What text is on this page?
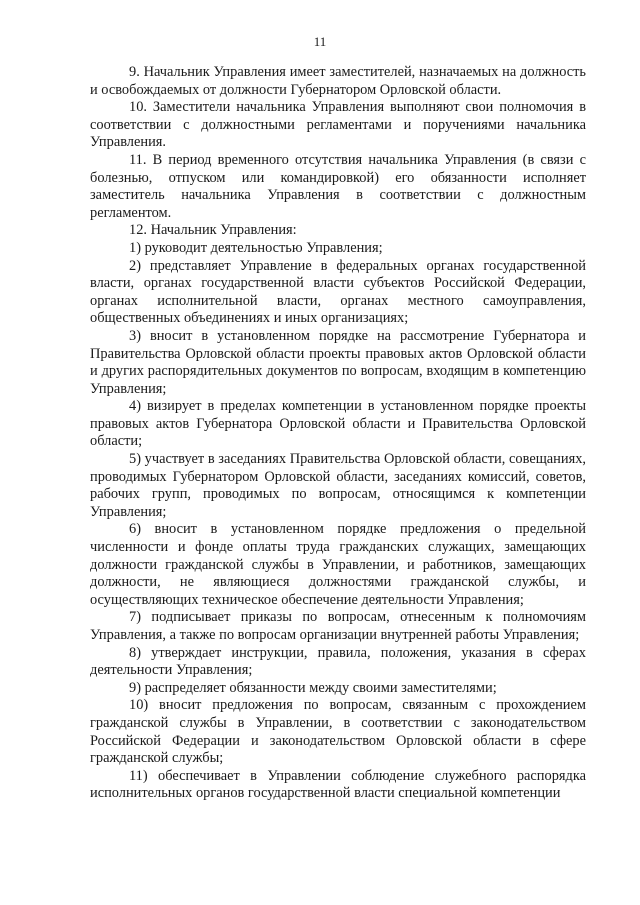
11

9. Начальник Управления имеет заместителей, назначаемых на должность и освобождаемых от должности Губернатором Орловской области.

10. Заместители начальника Управления выполняют свои полномочия в соответствии с должностными регламентами и поручениями начальника Управления.

11. В период временного отсутствия начальника Управления (в связи с болезнью, отпуском или командировкой) его обязанности исполняет заместитель начальника Управления в соответствии с должностным регламентом.

12. Начальник Управления:

1) руководит деятельностью Управления;

2) представляет Управление в федеральных органах государственной власти, органах государственной власти субъектов Российской Федерации, органах исполнительной власти, органах местного самоуправления, общественных объединениях и иных организациях;

3) вносит в установленном порядке на рассмотрение Губернатора и Правительства Орловской области проекты правовых актов Орловской области и других распорядительных документов по вопросам, входящим в компетенцию Управления;

4) визирует в пределах компетенции в установленном порядке проекты правовых актов Губернатора Орловской области и Правительства Орловской области;

5) участвует в заседаниях Правительства Орловской области, совещаниях, проводимых Губернатором Орловской области, заседаниях комиссий, советов, рабочих групп, проводимых по вопросам, относящимся к компетенции Управления;

6) вносит в установленном порядке предложения о предельной численности и фонде оплаты труда гражданских служащих, замещающих должности гражданской службы в Управлении, и работников, замещающих должности, не являющиеся должностями гражданской службы, и осуществляющих техническое обеспечение деятельности Управления;

7) подписывает приказы по вопросам, отнесенным к полномочиям Управления, а также по вопросам организации внутренней работы Управления;

8) утверждает инструкции, правила, положения, указания в сферах деятельности Управления;

9) распределяет обязанности между своими заместителями;

10) вносит предложения по вопросам, связанным с прохождением гражданской службы в Управлении, в соответствии с законодательством Российской Федерации и законодательством Орловской области в сфере гражданской службы;

11) обеспечивает в Управлении соблюдение служебного распорядка исполнительных органов государственной власти специальной компетенции
